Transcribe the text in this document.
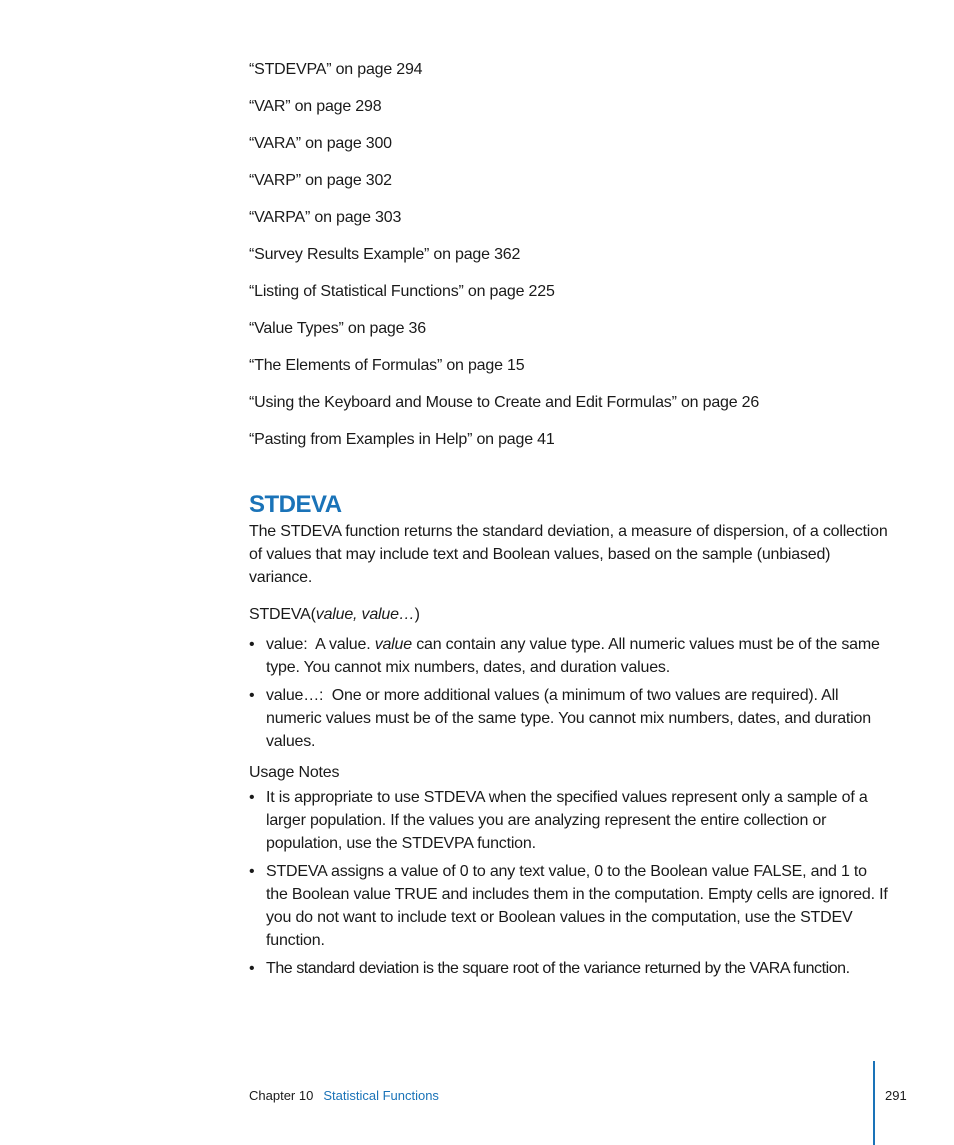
“STDEVPA” on page 294
“VAR” on page 298
“VARA” on page 300
“VARP” on page 302
“VARPA” on page 303
“Survey Results Example” on page 362
“Listing of Statistical Functions” on page 225
“Value Types” on page 36
“The Elements of Formulas” on page 15
“Using the Keyboard and Mouse to Create and Edit Formulas” on page 26
“Pasting from Examples in Help” on page 41
STDEVA

The STDEVA function returns the standard deviation, a measure of dispersion, of a collection of values that may include text and Boolean values, based on the sample (unbiased) variance.

STDEVA(value, value…)

• value: A value. value can contain any value type. All numeric values must be of the same type. You cannot mix numbers, dates, and duration values.
• value…: One or more additional values (a minimum of two values are required). All numeric values must be of the same type. You cannot mix numbers, dates, and duration values.

Usage Notes

• It is appropriate to use STDEVA when the specified values represent only a sample of a larger population. If the values you are analyzing represent the entire collection or population, use the STDEVPA function.
• STDEVA assigns a value of 0 to any text value, 0 to the Boolean value FALSE, and 1 to the Boolean value TRUE and includes them in the computation. Empty cells are ignored. If you do not want to include text or Boolean values in the computation, use the STDEV function.
• The standard deviation is the square root of the variance returned by the VARA function.
Chapter 10 Statistical Functions	291
